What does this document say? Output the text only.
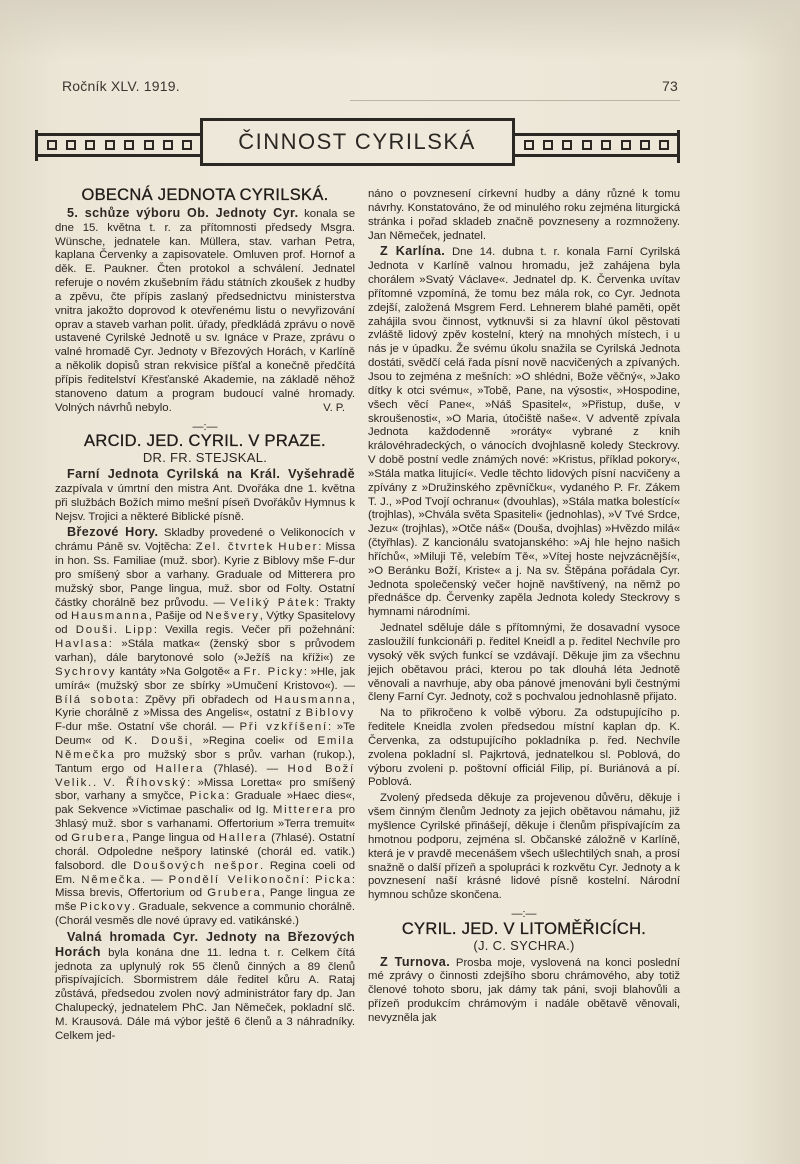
Ročník XLV. 1919.	73
ČINNOST CYRILSKÁ
OBECNÁ JEDNOTA CYRILSKÁ.

5. schůze výboru Ob. Jednoty Cyr. konala se dne 15. května t. r. za přítomnosti předsedy Msgra. Wünsche, jednatele kan. Müllera, stav. varhan Petra, kaplana Červenky a zapisovatele. Omluven prof. Hornof a děk. E. Paukner. Čten protokol a schválení. Jednatel referuje o novém zkušebním řádu státních zkoušek z hudby a zpěvu, čte přípis zaslaný předsednictvu ministerstva vnitra jakožto doprovod k otevřenému listu o nevyřizování oprav a staveb varhan polit. úřady, předkládá zprávu o nově ustavené Cyrilské Jednotě u sv. Ignáce v Praze, zprávu o valné hromadě Cyr. Jednoty v Březových Horách, v Karlíně a několik dopisů stran rekvisice píšťal a konečně předčítá přípis ředitelství Křesťanské Akademie, na základě něhož stanoveno datum a program budoucí valné hromady. Volných návrhů nebylo.	V. P.
—:—
ARCID. JED. CYRIL. V PRAZE.
DR. FR. STEJSKAL.

Farní Jednota Cyrilská na Král. Vyšehradě zazpívala v úmrtní den mistra Ant. Dvořáka dne 1. května při službách Božích mimo mešní píseň Dvořákův Hymnus k Nejsv. Trojici a některé Biblické písně.

Březové Hory. Skladby provedené o Velikonocích v chrámu Páně sv. Vojtěcha: Zel. čtvrtek Huber: Missa in hon. Ss. Familiae (muž. sbor). Kyrie z Biblovy mše F-dur pro smíšený sbor a varhany. Graduale od Mitterera pro mužský sbor, Pange lingua, muž. sbor od Folty. Ostatní částky chorálně bez průvodu. — Veliký Pátek: Trakty od Hausmanna, Pašije od Nešvery, Výtky Spasitelovy od Douši. Lipp: Vexilla regis. Večer při požehnání: Havlasa: »Stála matka« (ženský sbor s průvodem varhan), dále barytonové solo (»Ježíš na kříži«) ze Sychrovy kantáty »Na Golgotě« a Fr. Picky: »Hle, jak umírá« (mužský sbor ze sbírky »Umučení Kristovo«). — Bílá sobota: Zpěvy při obřadech od Hausmanna, Kyrie chorálně z »Missa des Angelis«, ostatní z Biblovy F-dur mše. Ostatní vše chorál. — Při vzkříšení: »Te Deum« od K. Douši, »Regina coeli« od Emila Němečka pro mužský sbor s prův. varhan (rukop.), Tantum ergo od Hallera (7hlasé). — Hod Boží Velik.. V. Říhovský: »Missa Loretta« pro smíšený sbor, varhany a smyčce, Picka: Graduale »Haec dies«, pak Sekvence »Victimae paschali« od Ig. Mitterera pro 3hlasý muž. sbor s varhanami. Offertorium »Terra tremuit« od Grubera, Pange lingua od Hallera (7hlasé). Ostatní chorál. Odpoledne nešpory latinské (chorál ed. vatik.) falsobord. dle Doušových nešpor. Regina coeli od Em. Němečka. — Pondělí Velikonoční: Picka: Missa brevis, Offertorium od Grubera, Pange lingua ze mše Pickovy. Graduale, sekvence a communio chorálně. (Chorál vesměs dle nové úpravy ed. vatikánské.)

Valná hromada Cyr. Jednoty na Březových Horách byla konána dne 11. ledna t. r. Celkem čítá jednota za uplynulý rok 55 členů činných a 89 členů přispívajících. Sbormistrem dále ředitel kůru A. Rataj zůstává, předsedou zvolen nový administrátor fary dp. Jan Chalupecký, jednatelem PhC. Jan Němeček, pokladní slč. M. Krausová. Dále má výbor ještě 6 členů a 3 náhradníky. Celkem jed-

náno o povznesení církevní hudby a dány různé k tomu návrhy. Konstatováno, že od minulého roku zejména liturgická stránka i pořad skladeb značně povzneseny a rozmnoženy. Jan Němeček, jednatel.

Z Karlína. Dne 14. dubna t. r. konala Farní Cyrilská Jednota v Karlíně valnou hromadu, jež zahájena byla chorálem »Svatý Václave«. Jednatel dp. K. Červenka uvítav přítomné vzpomíná, že tomu bez mála rok, co Cyr. Jednota zdejší, založená Msgrem Ferd. Lehnerem blahé paměti, opět zahájila svou činnost, vytknuvši si za hlavní úkol pěstovati zvláště lidový zpěv kostelní, který na mnohých místech, i u nás je v úpadku. Že svému úkolu snažila se Cyrilská Jednota dostáti, svědčí celá řada písní nově nacvičených a zpívaných. Jsou to zejména z mešních: »O shlédni, Bože věčný«, »Jako dítky k otci svému«, »Tobě, Pane, na výsosti«, »Hospodine, všech věcí Pane«, »Náš Spasitel«, »Přistup, duše, v skroušenosti«, »O Maria, útočiště naše«. V adventě zpívala Jednota každodenně »roráty« vybrané z knih královéhradeckých, o vánocích dvojhlasně koledy Steckrovy. V době postní vedle známých nové: »Kristus, příklad pokory«, »Stála matka litující«. Vedle těchto lidových písní nacvičeny a zpívány z »Družinského zpěvníčku«, vydaného P. Fr. Zákem T. J., »Pod Tvojí ochranu« (dvouhlas), »Stála matka bolestící« (trojhlas), »Chvála světa Spasiteli« (jednohlas), »V Tvé Srdce, Jezu« (trojhlas), »Otče náš« (Douša, dvojhlas) »Hvězdo milá« (čtyřhlas). Z kancionálu svatojanského: »Aj hle hejno našich hříchů«, »Miluji Tě, velebím Tě«, »Vítej hoste nejvzácnější«, »O Beránku Boží, Kriste« a j. Na sv. Štěpána pořádala Cyr. Jednota společenský večer hojně navštívený, na němž po přednášce dp. Červenky zapěla Jednota koledy Steckrovy s hymnami národními.

Jednatel sděluje dále s přítomnými, že dosavadní vysoce zasloužilí funkcionáři p. ředitel Kneidl a p. ředitel Nechvíle pro vysoký věk svých funkcí se vzdávají. Děkuje jim za všechnu jejich obětavou práci, kterou po tak dlouhá léta Jednotě věnovali a navrhuje, aby oba pánové jmenováni byli čestnými členy Farní Cyr. Jednoty, což s pochvalou jednohlasně přijato.

Na to přikročeno k volbě výboru. Za odstupujícího p. ředitele Kneidla zvolen předsedou místní kaplan dp. K. Červenka, za odstupujícího pokladníka p. řed. Nechvíle zvolena pokladní sl. Pajkrtová, jednatelkou sl. Poblová, do výboru zvoleni p. poštovní officiál Filip, pí. Buriánová a pí. Poblová.

Zvolený předseda děkuje za projevenou důvěru, děkuje i všem činným členům Jednoty za jejich obětavou námahu, již myšlence Cyrilské přinášejí, děkuje i členům přispívajícím za hmotnou podporu, zejména sl. Občanské záložně v Karlíně, která je v pravdě mecenášem všech ušlechtilých snah, a prosí snažně o další přízeň a spolupráci k rozkvětu Cyr. Jednoty a k povznesení naší krásné lidové písně kostelní. Národní hymnou schůze skončena.

—:—
CYRIL. JED. V LITOMĚŘICÍCH.
(J. C. SYCHRA.)

Z Turnova. Prosba moje, vyslovená na konci poslední mé zprávy o činnosti zdejšího sboru chrámového, aby totiž členové tohoto sboru, jak dámy tak páni, svoji blahovůli a přízeň produkcím chrámovým i nadále obětavě věnovali, nevyzněla jak
